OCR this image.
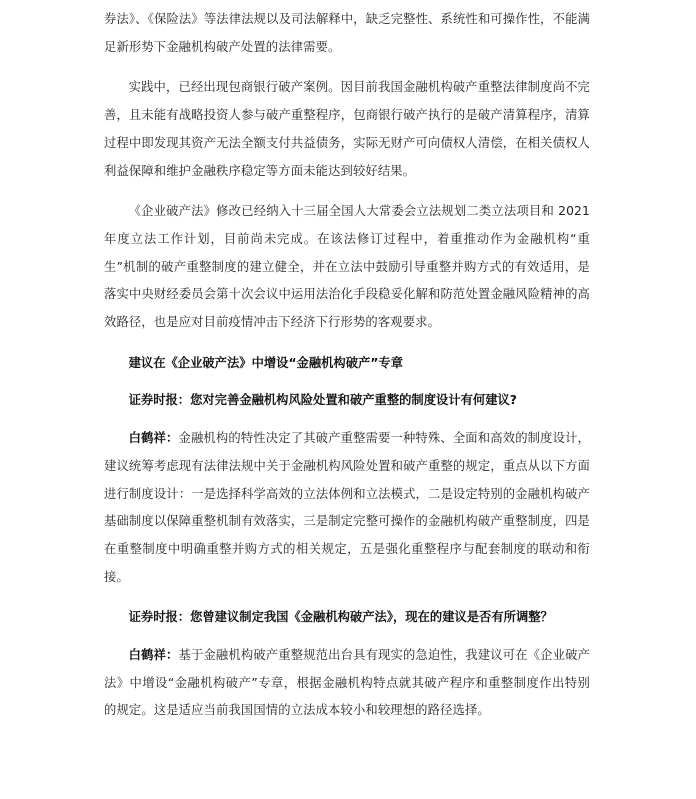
券法》、《保险法》等法律法规以及司法解释中，缺乏完整性、系统性和可操作性，不能满足新形势下金融机构破产处置的法律需要。

实践中，已经出现包商银行破产案例。因目前我国金融机构破产重整法律制度尚不完善，且未能有战略投资人参与破产重整程序，包商银行破产执行的是破产清算程序，清算过程中即发现其资产无法全额支付共益债务，实际无财产可向债权人清偿，在相关债权人利益保障和维护金融秩序稳定等方面未能达到较好结果。

《企业破产法》修改已经纳入十三届全国人大常委会立法规划二类立法项目和 2021 年度立法工作计划，目前尚未完成。在该法修订过程中，着重推动作为金融机构“重生”机制的破产重整制度的建立健全，并在立法中鼓励引导重整并购方式的有效适用，是落实中央财经委员会第十次会议中运用法治化手段稳妥化解和防范处置金融风险精神的高效路径，也是应对目前疫情冲击下经济下行形势的客观要求。

建议在《企业破产法》中增设“金融机构破产”专章

证券时报：您对完善金融机构风险处置和破产重整的制度设计有何建议?

白鹤祥：金融机构的特性决定了其破产重整需要一种特殊、全面和高效的制度设计，建议统筹考虑现有法律法规中关于金融机构风险处置和破产重整的规定，重点从以下方面进行制度设计：一是选择科学高效的立法体例和立法模式，二是设定特别的金融机构破产基础制度以保障重整机制有效落实，三是制定完整可操作的金融机构破产重整制度，四是在重整制度中明确重整并购方式的相关规定，五是强化重整程序与配套制度的联动和衔接。

证券时报：您曾建议制定我国《金融机构破产法》，现在的建议是否有所调整？

白鹤祥：基于金融机构破产重整规范出台具有现实的急迫性，我建议可在《企业破产法》中增设“金融机构破产”专章，根据金融机构特点就其破产程序和重整制度作出特别的规定。这是适应当前我国国情的立法成本较小和较理想的路径选择。
